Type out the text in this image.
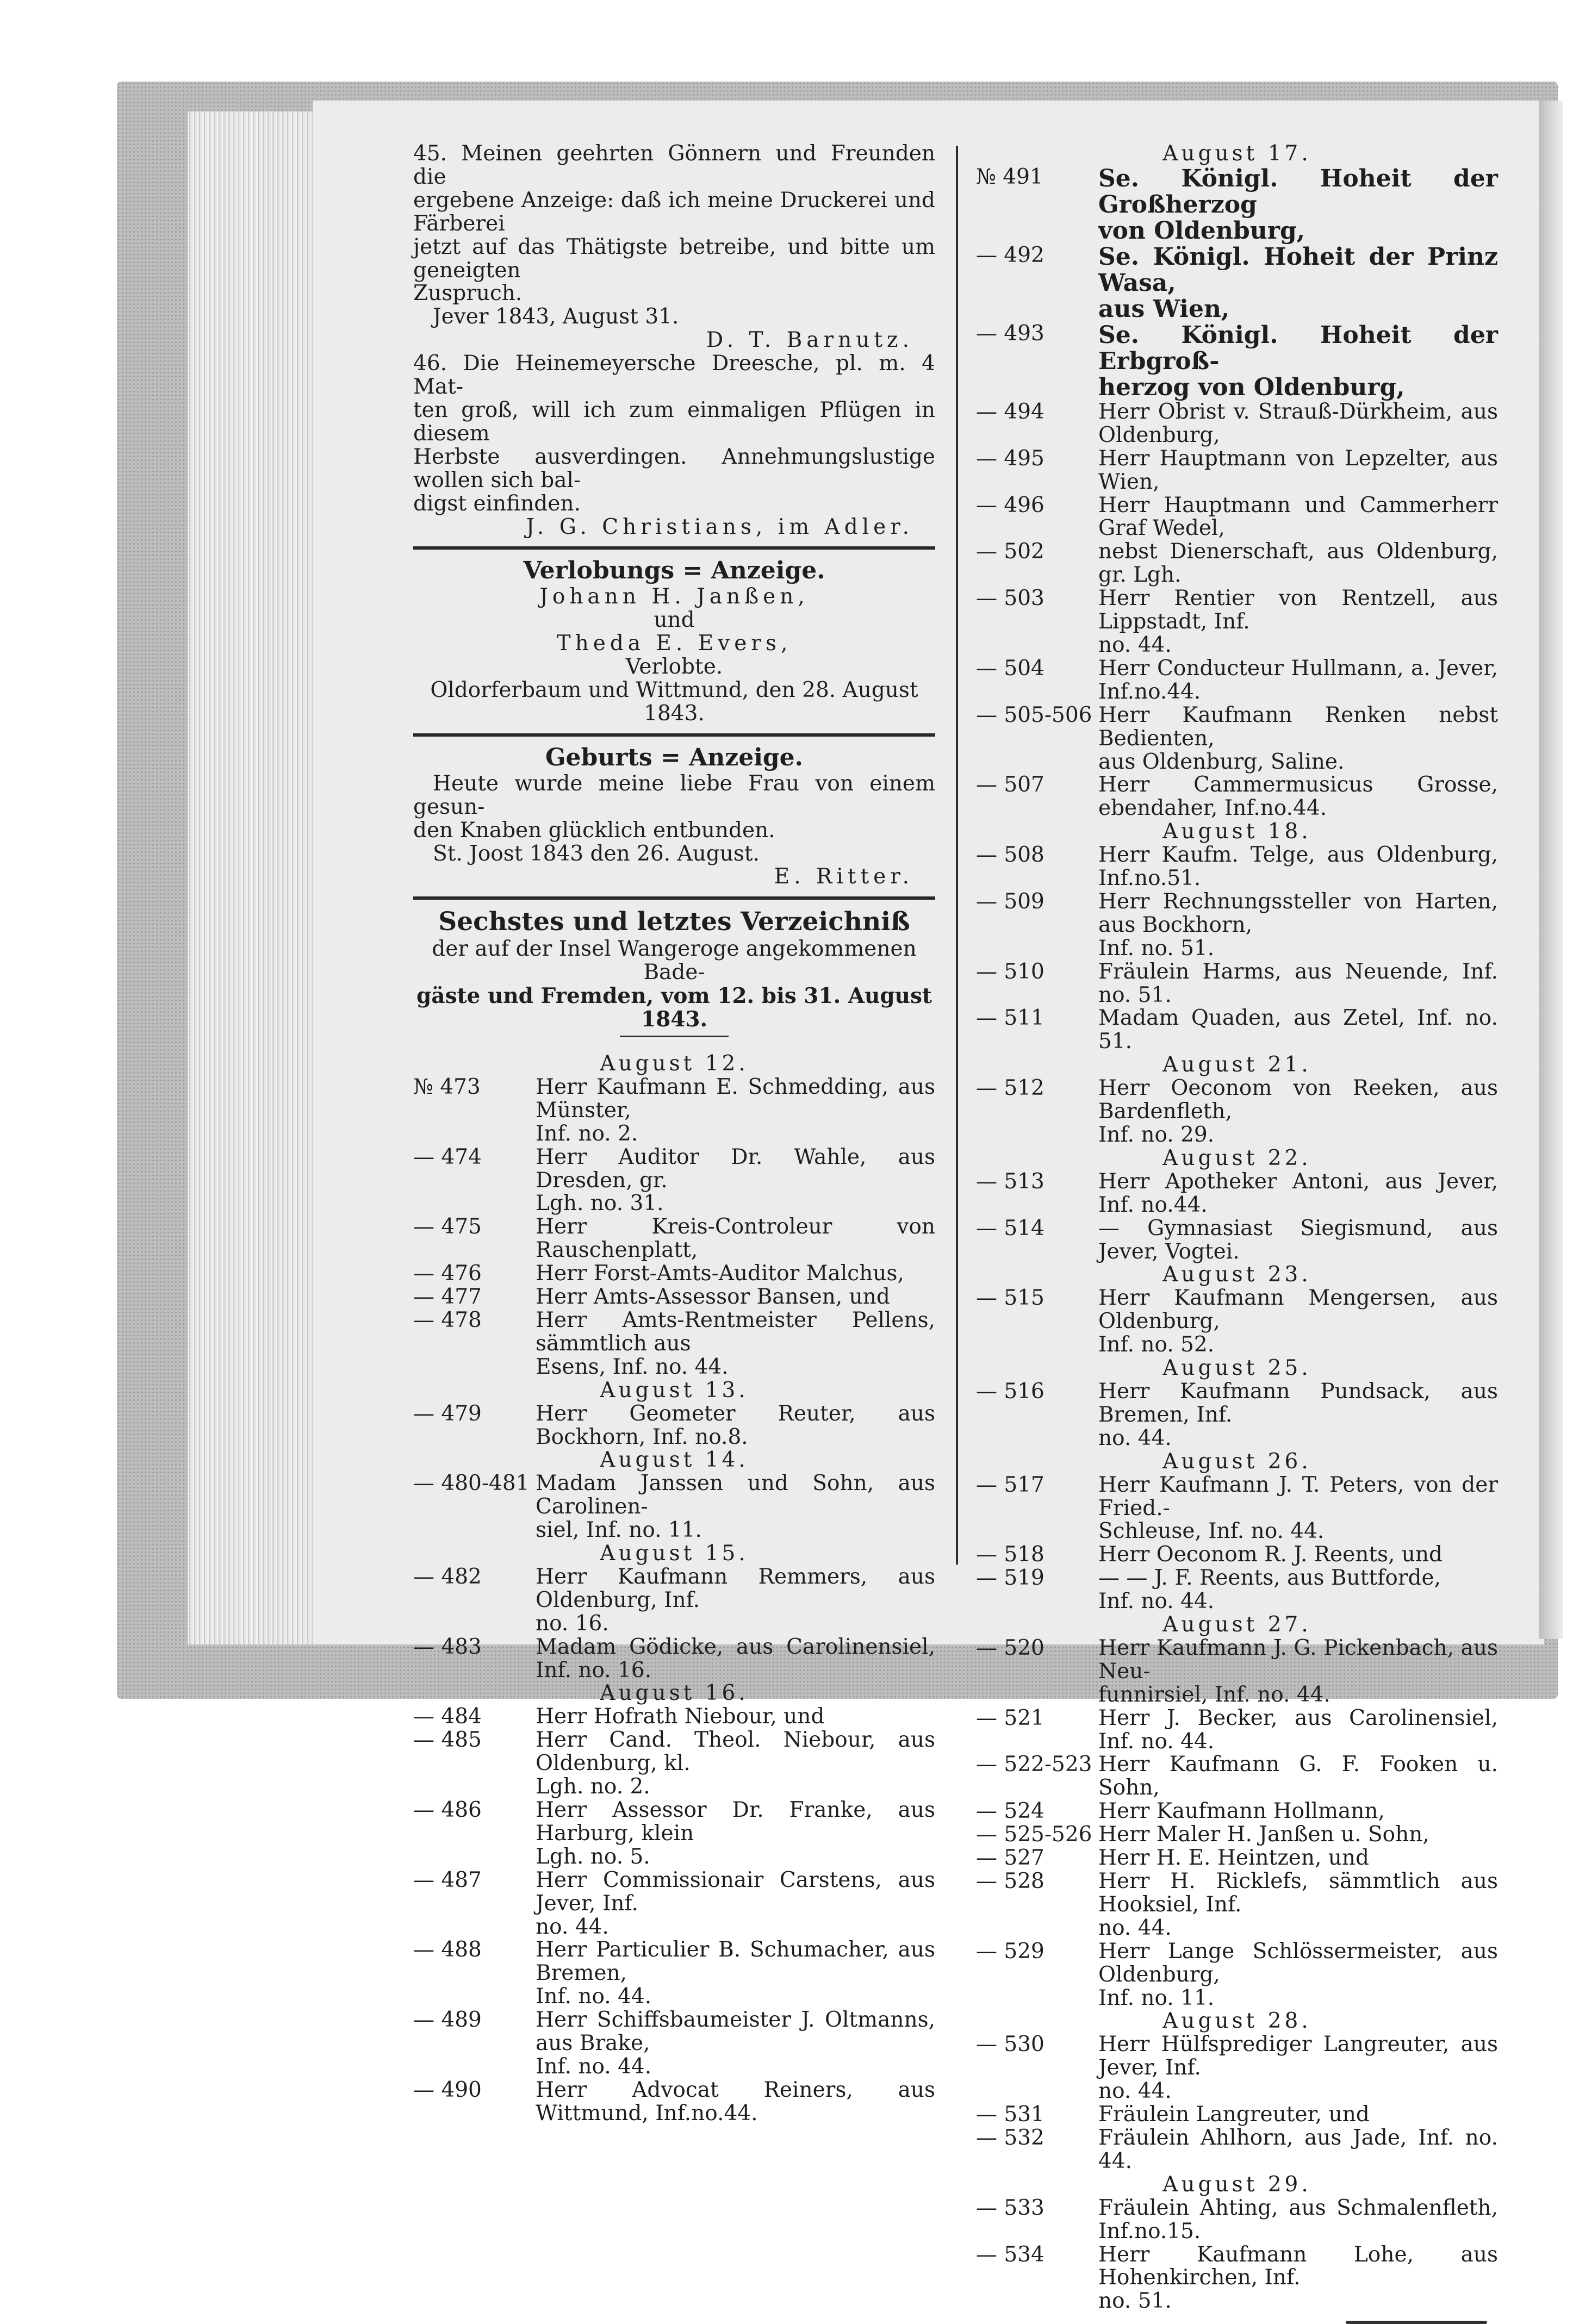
45. Meinen geehrten Gönnern und Freunden die

ergebene Anzeige: daß ich meine Druckerei und Färberei

jetzt auf das Thätigste betreibe, und bitte um geneigten

Zuspruch.

Jever 1843, August 31.

D. T. Barnutz.

46. Die Heinemeyersche Dreesche, pl. m. 4 Mat-

ten groß, will ich zum einmaligen Pflügen in diesem

Herbste ausverdingen. Annehmungslustige wollen sich bal-

digst einfinden.

J. G. Christians, im Adler.

Verlobungs = Anzeige.

Johann H. Janßen,

und

Theda E. Evers,

Verlobte.

Oldorferbaum und Wittmund, den 28. August 1843.

Geburts = Anzeige.

Heute wurde meine liebe Frau von einem gesun-

den Knaben glücklich entbunden.

St. Joost 1843 den 26. August.

E. Ritter.

Sechstes und letztes Verzeichniß

der auf der Insel Wangeroge angekommenen Bade-

gäste und Fremden, vom 12. bis 31. August 1843.

August 12.

№ 473	Herr Kaufmann E. Schmedding, aus Münster,

Inf. no. 2.

— 474	Herr Auditor Dr. Wahle, aus Dresden, gr.

Lgh. no. 31.

— 475	Herr Kreis-Controleur von Rauschenplatt,
— 476	Herr Forst-Amts-Auditor Malchus,
— 477	Herr Amts-Assessor Bansen, und
— 478	Herr Amts-Rentmeister Pellens, sämmtlich aus

Esens, Inf. no. 44.

August 13.

— 479	Herr Geometer Reuter, aus Bockhorn, Inf. no.8.

August 14.

— 480-481 Madam Janssen und Sohn, aus Carolinen-

siel, Inf. no. 11.

August 15.

— 482	Herr Kaufmann Remmers, aus Oldenburg, Inf.

no. 16.

— 483	Madam Gödicke, aus Carolinensiel, Inf. no. 16.

August 16.

— 484	Herr Hofrath Niebour, und
— 485	Herr Cand. Theol. Niebour, aus Oldenburg, kl.

Lgh. no. 2.

— 486	Herr Assessor Dr. Franke, aus Harburg, klein

Lgh. no. 5.

— 487	Herr Commissionair Carstens, aus Jever, Inf.

no. 44.

— 488	Herr Particulier B. Schumacher, aus Bremen,

Inf. no. 44.

— 489	Herr Schiffsbaumeister J. Oltmanns, aus Brake,

Inf. no. 44.

— 490	Herr Advocat Reiners, aus Wittmund, Inf.no.44.

August 17.

№ 491	Se. Königl. Hoheit der Großherzog

von Oldenburg,

— 492	Se. Königl. Hoheit der Prinz Wasa,

aus Wien,

— 493	Se. Königl. Hoheit der Erbgroß-

herzog von Oldenburg,

— 494	Herr Obrist v. Strauß-Dürkheim, aus Oldenburg,
— 495	Herr Hauptmann von Lepzelter, aus Wien,
— 496	Herr Hauptmann und Cammerherr Graf Wedel,
— 502	nebst Dienerschaft, aus Oldenburg, gr. Lgh.
— 503	Herr Rentier von Rentzell, aus Lippstadt, Inf.

no. 44.

— 504	Herr Conducteur Hullmann, a. Jever, Inf.no.44.
— 505-506 Herr Kaufmann Renken nebst Bedienten,

aus Oldenburg, Saline.

— 507	Herr Cammermusicus Grosse, ebendaher, Inf.no.44.

August 18.

— 508	Herr Kaufm. Telge, aus Oldenburg, Inf.no.51.
— 509	Herr Rechnungssteller von Harten, aus Bockhorn,

Inf. no. 51.

— 510	Fräulein Harms, aus Neuende, Inf. no. 51.
— 511	Madam Quaden, aus Zetel, Inf. no. 51.

August 21.

— 512	Herr Oeconom von Reeken, aus Bardenfleth,

Inf. no. 29.

August 22.

— 513	Herr Apotheker Antoni, aus Jever, Inf. no.44.
— 514	— Gymnasiast Siegismund, aus Jever, Vogtei.

August 23.

— 515	Herr Kaufmann Mengersen, aus Oldenburg,

Inf. no. 52.

August 25.

— 516	Herr Kaufmann Pundsack, aus Bremen, Inf.

no. 44.

August 26.

— 517	Herr Kaufmann J. T. Peters, von der Fried.-

Schleuse, Inf. no. 44.

— 518	Herr Oeconom R. J. Reents, und
— 519	— — J. F. Reents, aus Buttforde,

Inf. no. 44.

August 27.

— 520	Herr Kaufmann J. G. Pickenbach, aus Neu-

funnirsiel, Inf. no. 44.

— 521	Herr J. Becker, aus Carolinensiel, Inf. no. 44.
— 522-523 Herr Kaufmann G. F. Fooken u. Sohn,
— 524	Herr Kaufmann Hollmann,
— 525-526 Herr Maler H. Janßen u. Sohn,
— 527	Herr H. E. Heintzen, und
— 528	Herr H. Ricklefs, sämmtlich aus Hooksiel, Inf.

no. 44.

— 529	Herr Lange Schlössermeister, aus Oldenburg,

Inf. no. 11.

August 28.

— 530	Herr Hülfsprediger Langreuter, aus Jever, Inf.

no. 44.

— 531	Fräulein Langreuter, und
— 532	Fräulein Ahlhorn, aus Jade, Inf. no. 44.

August 29.

— 533	Fräulein Ahting, aus Schmalenfleth, Inf.no.15.
— 534	Herr Kaufmann Lohe, aus Hohenkirchen, Inf.

no. 51.
